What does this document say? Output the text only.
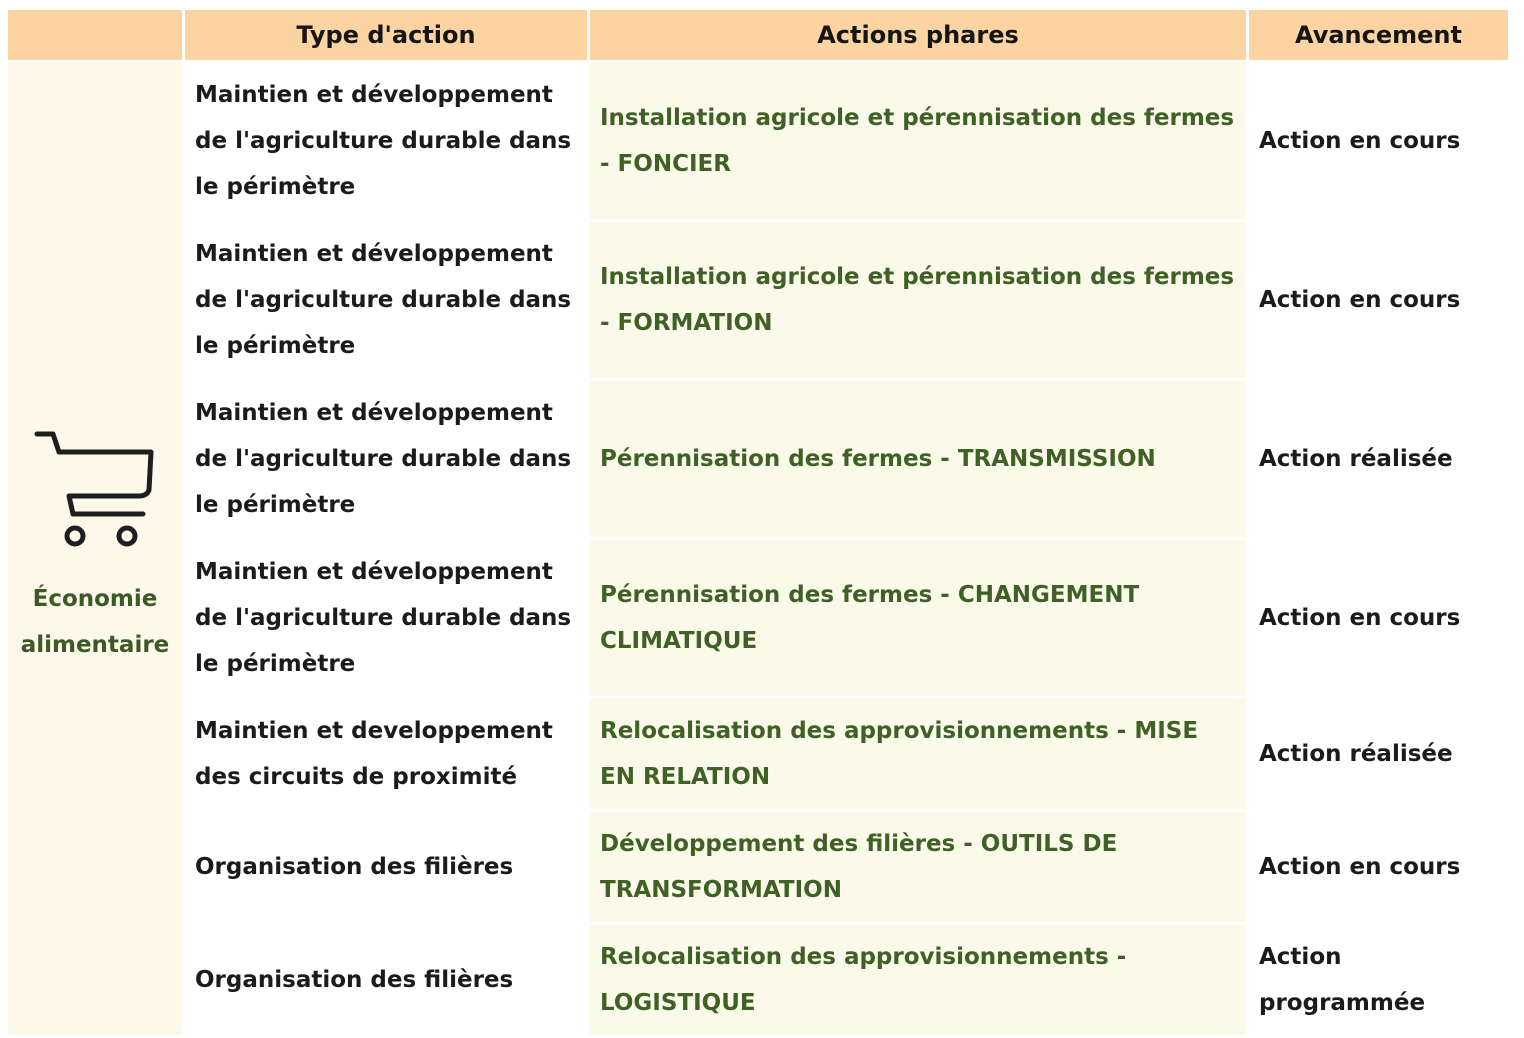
	Type d'action	Actions phares	Avancement

Économie alimentaire	Maintien et développement de l'agriculture durable dans le périmètre	Installation agricole et pérennisation des fermes - FONCIER	Action en cours
	Maintien et développement de l'agriculture durable dans le périmètre	Installation agricole et pérennisation des fermes - FORMATION	Action en cours
	Maintien et développement de l'agriculture durable dans le périmètre	Pérennisation des fermes - TRANSMISSION	Action réalisée
	Maintien et développement de l'agriculture durable dans le périmètre	Pérennisation des fermes - CHANGEMENT CLIMATIQUE	Action en cours
	Maintien et developpement des circuits de proximité	Relocalisation des approvisionnements - MISE EN RELATION	Action réalisée
	Organisation des filières	Développement des filières - OUTILS DE TRANSFORMATION	Action en cours
	Organisation des filières	Relocalisation des approvisionnements - LOGISTIQUE	Action programmée
